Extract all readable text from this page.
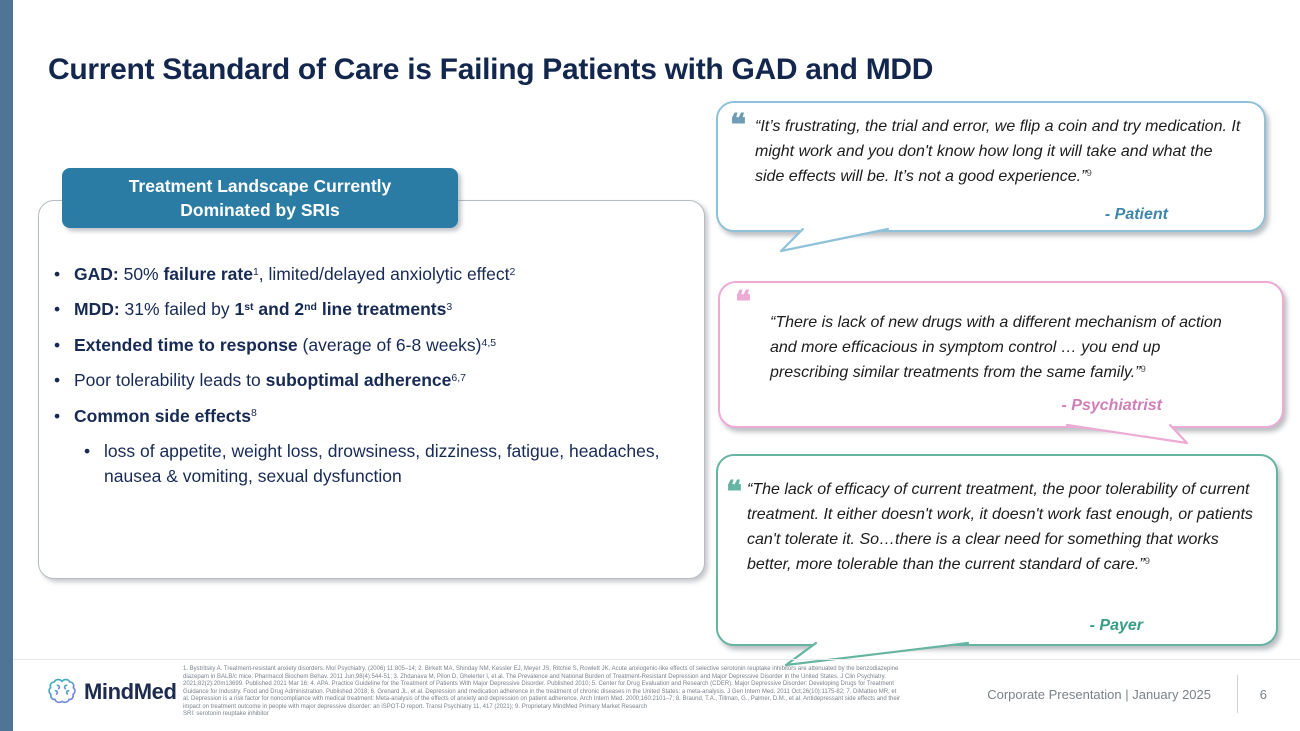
Current Standard of Care is Failing Patients with GAD and MDD
Treatment Landscape Currently
Dominated by SRIs
• GAD: 50% failure rate$^1$, limited/delayed anxiolytic effect$^2$
• MDD: 31% failed by 1st and 2nd line treatments$^3$
• Extended time to response (average of 6-8 weeks)$^{4,5}$
• Poor tolerability leads to suboptimal adherence$^{6,7}$
• Common side effects$^8$
• loss of appetite, weight loss, drowsiness, dizziness, fatigue, headaches, nausea & vomiting, sexual dysfunction
❝ “It’s frustrating, the trial and error, we flip a coin and try medication. It might work and you don't know how long it will take and what the side effects will be. It’s not a good experience.”$^9$
- Patient
❝
“There is lack of new drugs with a different mechanism of action and more efficacious in symptom control … you end up prescribing similar treatments from the same family.”$^9$
- Psychiatrist
❝ “The lack of efficacy of current treatment, the poor tolerability of current treatment. It either doesn't work, it doesn't work fast enough, or patients can't tolerate it. So…there is a clear need for something that works better, more tolerable than the current standard of care.”$^9$
- Payer
MindMed
1. Bystritsky A. Treatment-resistant anxiety disorders. Mol Psychiatry. (2006) 11:805–14; 2. Birkett MA, Shinday NM, Kessler EJ, Meyer JS, Ritchie S, Rowlett JK. Acute anxiogenic-like effects of selective serotonin reuptake inhibitors are attenuated by the benzodiazepine diazepam in BALB/c mice. Pharmacol Biochem Behav. 2011 Jun;98(4):544-51; 3. Zhdanava M, Pilon D, Ghelerter I, et al. The Prevalence and National Burden of Treatment-Resistant Depression and Major Depressive Disorder in the United States. J Clin Psychiatry. 2021;82(2):20m13699. Published 2021 Mar 16; 4. APA. Practice Guideline for the Treatment of Patients With Major Depressive Disorder. Published 2010; 5. Center for Drug Evaluation and Research (CDER). Major Depressive Disorder: Developing Drugs for Treatment Guidance for Industry. Food and Drug Administration. Published 2018; 6. Grenard JL, et al. Depression and medication adherence in the treatment of chronic diseases in the United States: a meta-analysis. J Gen Intern Med. 2011 Oct;26(10):1175-82; 7. DiMatteo MR, et al. Depression is a risk factor for noncompliance with medical treatment: Meta-analysis of the effects of anxiety and depression on patient adherence. Arch Intern Med. 2000;160:2101–7; 8. Braund, T.A., Tillman, G., Palmer, D.M., et al. Antidepressant side effects and their impact on treatment outcome in people with major depressive disorder: an iSPOT-D report. Transl Psychiatry 11, 417 (2021); 9. Proprietary MindMed Primary Market Research
SRI: serotonin reuptake inhibitor
Corporate Presentation | January 2025	6
